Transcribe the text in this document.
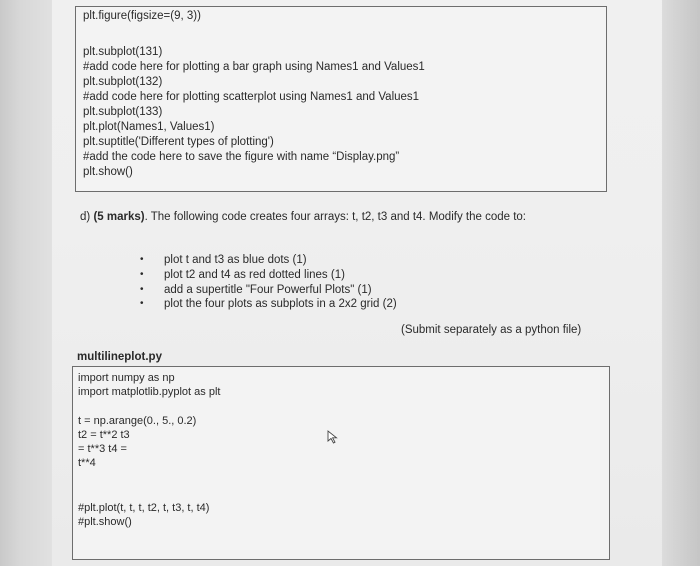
plt.figure(figsize=(9, 3))
plt.subplot(131)
#add code here for plotting a bar graph using Names1 and Values1
plt.subplot(132)
#add code here for plotting scatterplot using Names1 and Values1
plt.subplot(133)
plt.plot(Names1, Values1)
plt.suptitle('Different types of plotting')
#add the code here to save the figure with name “Display.png”
plt.show()
d) (5 marks). The following code creates four arrays: t, t2, t3 and t4. Modify the code to:
• plot t and t3 as blue dots (1)
• plot t2 and t4 as red dotted lines (1)
• add a supertitle "Four Powerful Plots" (1)
• plot the four plots as subplots in a 2x2 grid (2)
(Submit separately as a python file)
multilineplot.py
import numpy as np
import matplotlib.pyplot as plt
t = np.arange(0., 5., 0.2)
t2 = t**2 t3
= t**3 t4 =
t**4
#plt.plot(t, t, t, t2, t, t3, t, t4)
#plt.show()
